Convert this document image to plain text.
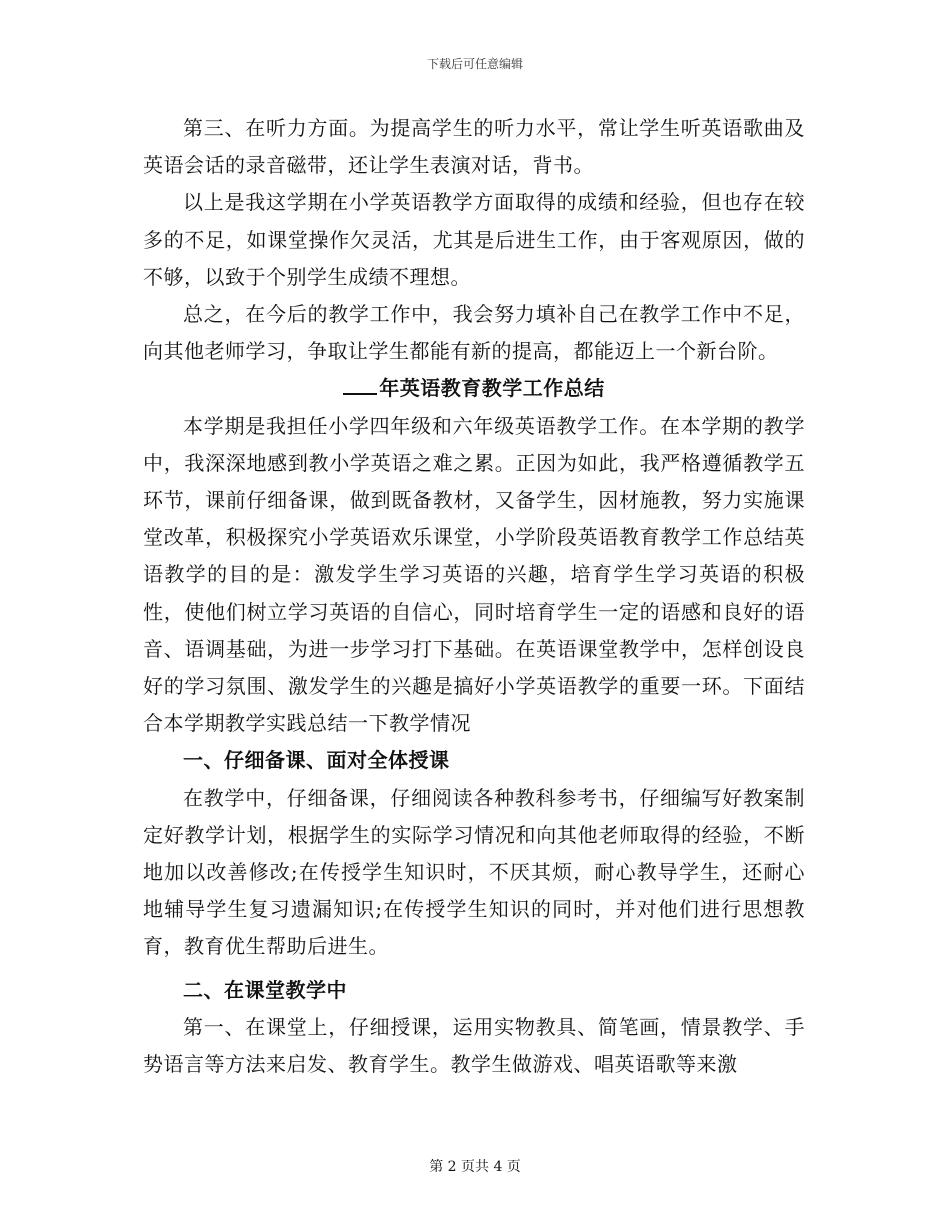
下载后可任意编辑

第三、在听力方面。为提高学生的听力水平，常让学生听英语歌曲及英语会话的录音磁带，还让学生表演对话，背书。

以上是我这学期在小学英语教学方面取得的成绩和经验，但也存在较多的不足，如课堂操作欠灵活，尤其是后进生工作，由于客观原因，做的不够，以致于个别学生成绩不理想。

总之，在今后的教学工作中，我会努力填补自己在教学工作中不足，向其他老师学习，争取让学生都能有新的提高，都能迈上一个新台阶。

年英语教育教学工作总结

本学期是我担任小学四年级和六年级英语教学工作。在本学期的教学中，我深深地感到教小学英语之难之累。正因为如此，我严格遵循教学五环节，课前仔细备课，做到既备教材，又备学生，因材施教，努力实施课堂改革，积极探究小学英语欢乐课堂，小学阶段英语教育教学工作总结英语教学的目的是：激发学生学习英语的兴趣，培育学生学习英语的积极性，使他们树立学习英语的自信心，同时培育学生一定的语感和良好的语音、语调基础，为进一步学习打下基础。在英语课堂教学中，怎样创设良好的学习氛围、激发学生的兴趣是搞好小学英语教学的重要一环。下面结合本学期教学实践总结一下教学情况

一、仔细备课、面对全体授课

在教学中，仔细备课，仔细阅读各种教科参考书，仔细编写好教案制定好教学计划，根据学生的实际学习情况和向其他老师取得的经验，不断地加以改善修改;在传授学生知识时，不厌其烦，耐心教导学生，还耐心地辅导学生复习遗漏知识;在传授学生知识的同时，并对他们进行思想教育，教育优生帮助后进生。

二、在课堂教学中

第一、在课堂上，仔细授课，运用实物教具、简笔画，情景教学、手势语言等方法来启发、教育学生。教学生做游戏、唱英语歌等来激

第 2 页共 4 页
